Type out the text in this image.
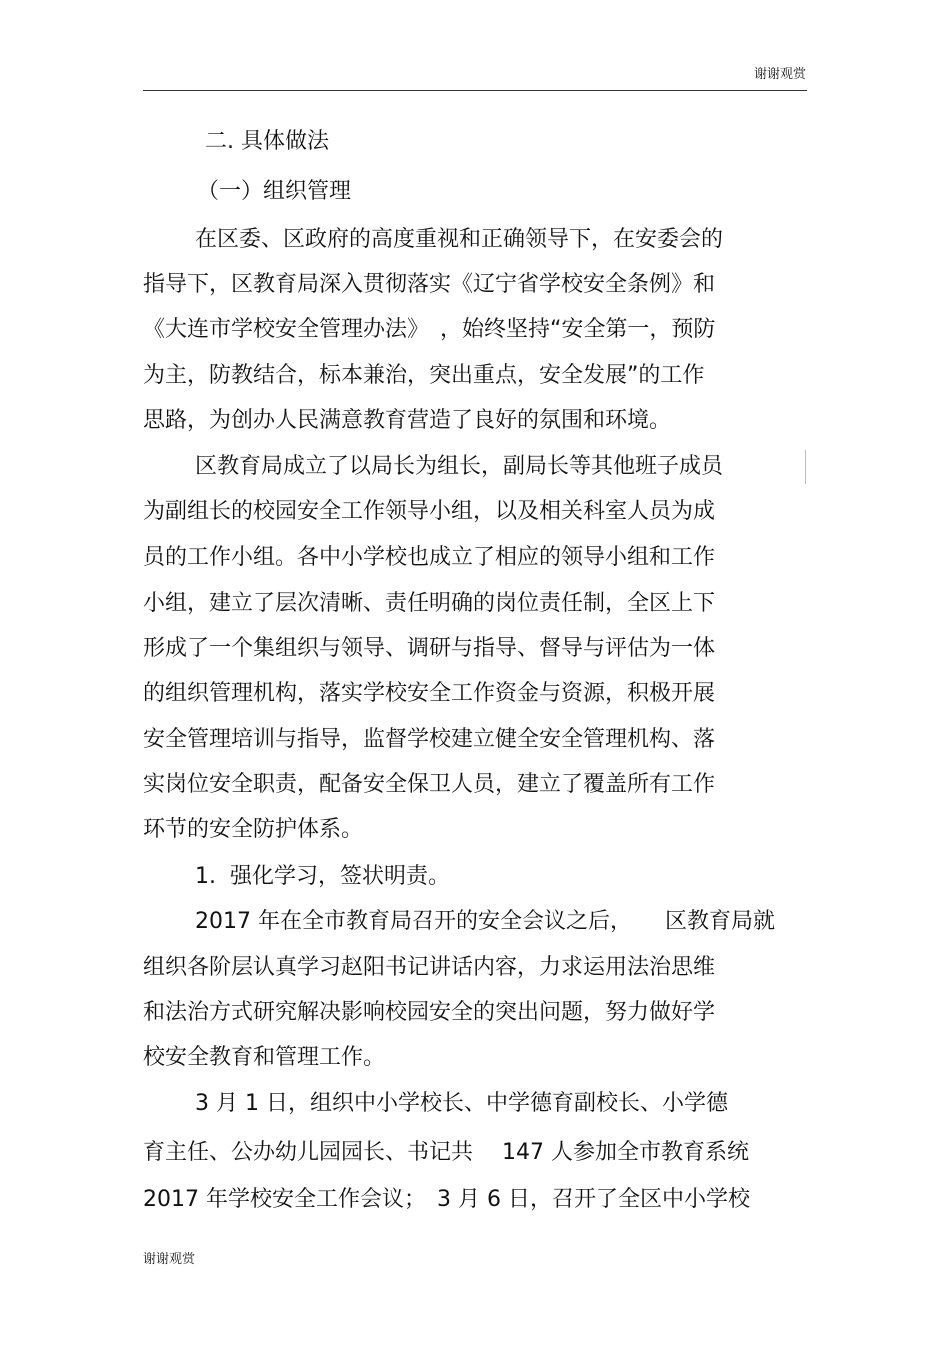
谢谢观赏
二. 具体做法
（一）组织管理
在区委、区政府的高度重视和正确领导下，在安委会的
指导下，区教育局深入贯彻落实《辽宁省学校安全条例》和
《大连市学校安全管理办法》　，始终坚持“安全第一，预防
为主，防教结合，标本兼治，突出重点，安全发展”的工作
思路，为创办人民满意教育营造了良好的氛围和环境。
区教育局成立了以局长为组长，副局长等其他班子成员
为副组长的校园安全工作领导小组，以及相关科室人员为成
员的工作小组。各中小学校也成立了相应的领导小组和工作
小组，建立了层次清晰、责任明确的岗位责任制，全区上下
形成了一个集组织与领导、调研与指导、督导与评估为一体
的组织管理机构，落实学校安全工作资金与资源，积极开展
安全管理培训与指导，监督学校建立健全安全管理机构、落
实岗位安全职责，配备安全保卫人员，建立了覆盖所有工作
环节的安全防护体系。
1.  强化学习，签状明责。
2017 年在全市教育局召开的安全会议之后，　　区教育局就
组织各阶层认真学习赵阳书记讲话内容，力求运用法治思维
和法治方式研究解决影响校园安全的突出问题，努力做好学
校安全教育和管理工作。
3 月 1 日，组织中小学校长、中学德育副校长、小学德
育主任、公办幼儿园园长、书记共　 147 人参加全市教育系统
2017 年学校安全工作会议；　3 月 6 日，召开了全区中小学校
谢谢观赏
